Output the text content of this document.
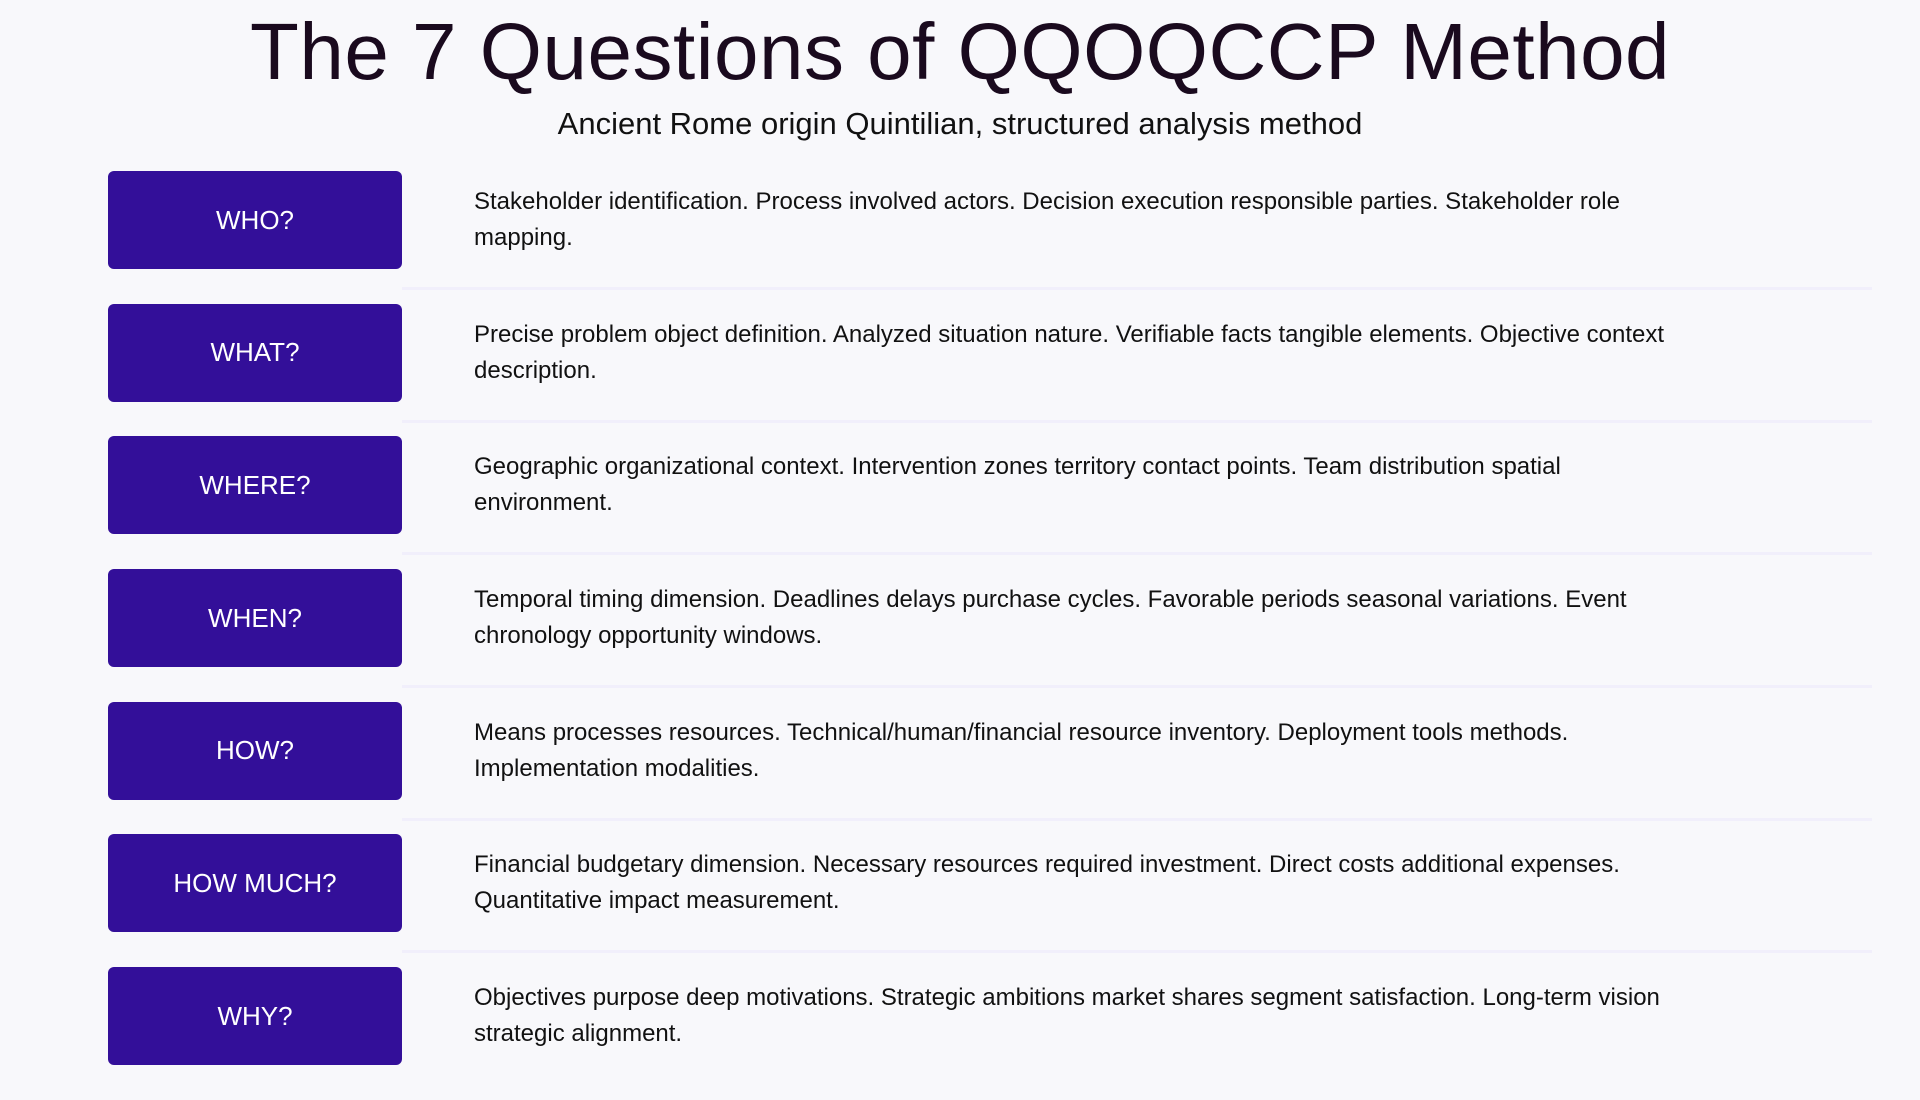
The 7 Questions of QQOQCCP Method

Ancient Rome origin Quintilian, structured analysis method

WHO?
Stakeholder identification. Process involved actors. Decision execution responsible parties. Stakeholder role mapping.
WHAT?
Precise problem object definition. Analyzed situation nature. Verifiable facts tangible elements. Objective context description.
WHERE?
Geographic organizational context. Intervention zones territory contact points. Team distribution spatial environment.
WHEN?
Temporal timing dimension. Deadlines delays purchase cycles. Favorable periods seasonal variations. Event chronology opportunity windows.
HOW?
Means processes resources. Technical/human/financial resource inventory. Deployment tools methods. Implementation modalities.
HOW MUCH?
Financial budgetary dimension. Necessary resources required investment. Direct costs additional expenses. Quantitative impact measurement.
WHY?
Objectives purpose deep motivations. Strategic ambitions market shares segment satisfaction. Long-term vision strategic alignment.
